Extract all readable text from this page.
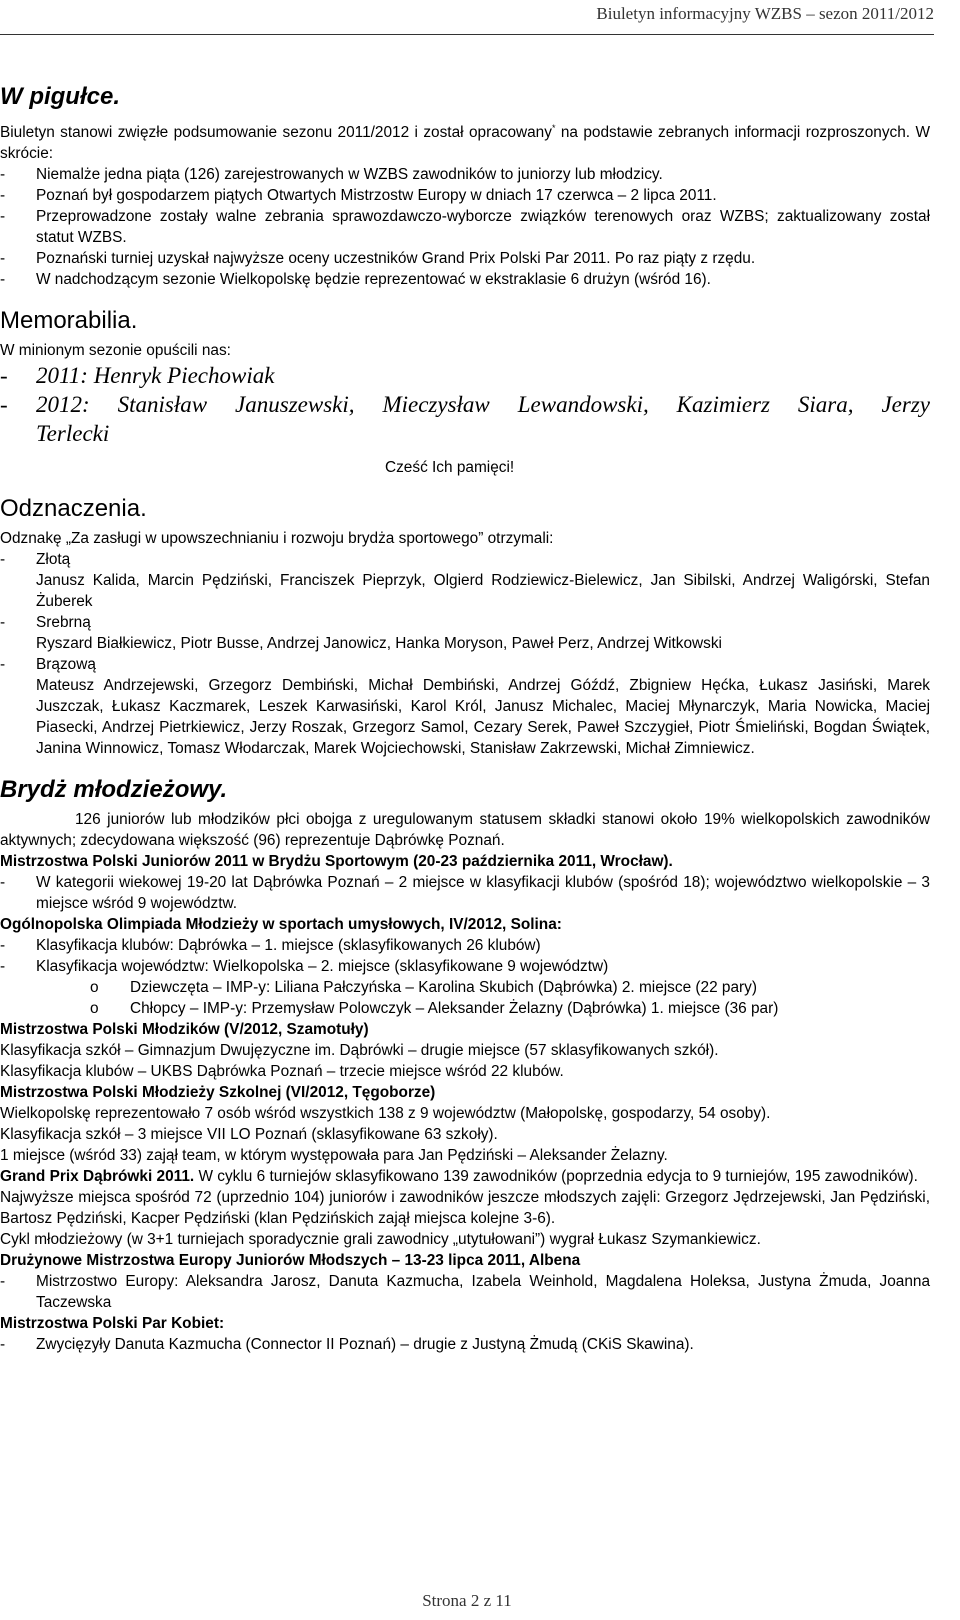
Biuletyn informacyjny WZBS – sezon 2011/2012
W pigułce.

Biuletyn stanowi zwięzłe podsumowanie sezonu 2011/2012 i został opracowany* na podstawie zebranych informacji rozproszonych. W skrócie:

- Niemalże jedna piąta (126) zarejestrowanych w WZBS zawodników to juniorzy lub młodzicy.

- Poznań był gospodarzem piątych Otwartych Mistrzostw Europy w dniach 17 czerwca – 2 lipca 2011.

- Przeprowadzone zostały walne zebrania sprawozdawczo-wyborcze związków terenowych oraz WZBS; zaktualizowany został statut WZBS.

- Poznański turniej uzyskał najwyższe oceny uczestników Grand Prix Polski Par 2011. Po raz piąty z rzędu.

- W nadchodzącym sezonie Wielkopolskę będzie reprezentować w ekstraklasie 6 drużyn (wśród 16).

Memorabilia.

W minionym sezonie opuścili nas:

- 2011: Henryk Piechowiak

- 2012: Stanisław Januszewski, Mieczysław Lewandowski, Kazimierz Siara, Jerzy

Terlecki

Cześć Ich pamięci!

Odznaczenia.

Odznakę „Za zasługi w upowszechnianiu i rozwoju brydża sportowego” otrzymali:

- Złotą

Janusz Kalida, Marcin Pędziński, Franciszek Pieprzyk, Olgierd Rodziewicz-Bielewicz, Jan Sibilski, Andrzej Waligórski, Stefan Żuberek

- Srebrną

Ryszard Białkiewicz, Piotr Busse, Andrzej Janowicz, Hanka Moryson, Paweł Perz, Andrzej Witkowski

- Brązową

Mateusz Andrzejewski, Grzegorz Dembiński, Michał Dembiński, Andrzej Góźdź, Zbigniew Hęćka, Łukasz Jasiński, Marek Juszczak, Łukasz Kaczmarek, Leszek Karwasiński, Karol Król, Janusz Michalec, Maciej Młynarczyk, Maria Nowicka, Maciej Piasecki, Andrzej Pietrkiewicz, Jerzy Roszak, Grzegorz Samol, Cezary Serek, Paweł Szczygieł, Piotr Śmieliński, Bogdan Świątek, Janina Winnowicz, Tomasz Włodarczak, Marek Wojciechowski, Stanisław Zakrzewski, Michał Zimniewicz.

Brydż młodzieżowy.

126 juniorów lub młodzików płci obojga z uregulowanym statusem składki stanowi około 19% wielkopolskich zawodników aktywnych; zdecydowana większość (96) reprezentuje Dąbrówkę Poznań.

Mistrzostwa Polski Juniorów 2011 w Brydżu Sportowym (20-23 października 2011, Wrocław).

- W kategorii wiekowej 19-20 lat Dąbrówka Poznań – 2 miejsce w klasyfikacji klubów (spośród 18); województwo wielkopolskie – 3 miejsce wśród 9 województw.

Ogólnopolska Olimpiada Młodzieży w sportach umysłowych, IV/2012, Solina:

- Klasyfikacja klubów: Dąbrówka – 1. miejsce (sklasyfikowanych 26 klubów)

- Klasyfikacja województw: Wielkopolska – 2. miejsce (sklasyfikowane 9 województw)

o Dziewczęta – IMP-y: Liliana Pałczyńska – Karolina Skubich (Dąbrówka) 2. miejsce (22 pary)

o Chłopcy – IMP-y: Przemysław Polowczyk – Aleksander Żelazny (Dąbrówka) 1. miejsce (36 par)

Mistrzostwa Polski Młodzików (V/2012, Szamotuły)

Klasyfikacja szkół – Gimnazjum Dwujęzyczne im. Dąbrówki – drugie miejsce (57 sklasyfikowanych szkół).

Klasyfikacja klubów – UKBS Dąbrówka Poznań – trzecie miejsce wśród 22 klubów.

Mistrzostwa Polski Młodzieży Szkolnej (VI/2012, Tęgoborze)

Wielkopolskę reprezentowało 7 osób wśród wszystkich 138 z 9 województw (Małopolskę, gospodarzy, 54 osoby).

Klasyfikacja szkół – 3 miejsce VII LO Poznań (sklasyfikowane 63 szkoły).

1 miejsce (wśród 33) zajął team, w którym występowała para Jan Pędziński – Aleksander Żelazny.

Grand Prix Dąbrówki 2011. W cyklu 6 turniejów sklasyfikowano 139 zawodników (poprzednia edycja to 9 turniejów, 195 zawodników).

Najwyższe miejsca spośród 72 (uprzednio 104) juniorów i zawodników jeszcze młodszych zajęli: Grzegorz Jędrzejewski, Jan Pędziński, Bartosz Pędziński, Kacper Pędziński (klan Pędzińskich zajął miejsca kolejne 3-6).

Cykl młodzieżowy (w 3+1 turniejach sporadycznie grali zawodnicy „utytułowani”) wygrał Łukasz Szymankiewicz.

Drużynowe Mistrzostwa Europy Juniorów Młodszych – 13-23 lipca 2011, Albena

- Mistrzostwo Europy: Aleksandra Jarosz, Danuta Kazmucha, Izabela Weinhold, Magdalena Holeksa, Justyna Żmuda, Joanna Taczewska

Mistrzostwa Polski Par Kobiet:

- Zwycięzyły Danuta Kazmucha (Connector II Poznań) – drugie z Justyną Żmudą (CKiS Skawina).

Strona 2 z 11
